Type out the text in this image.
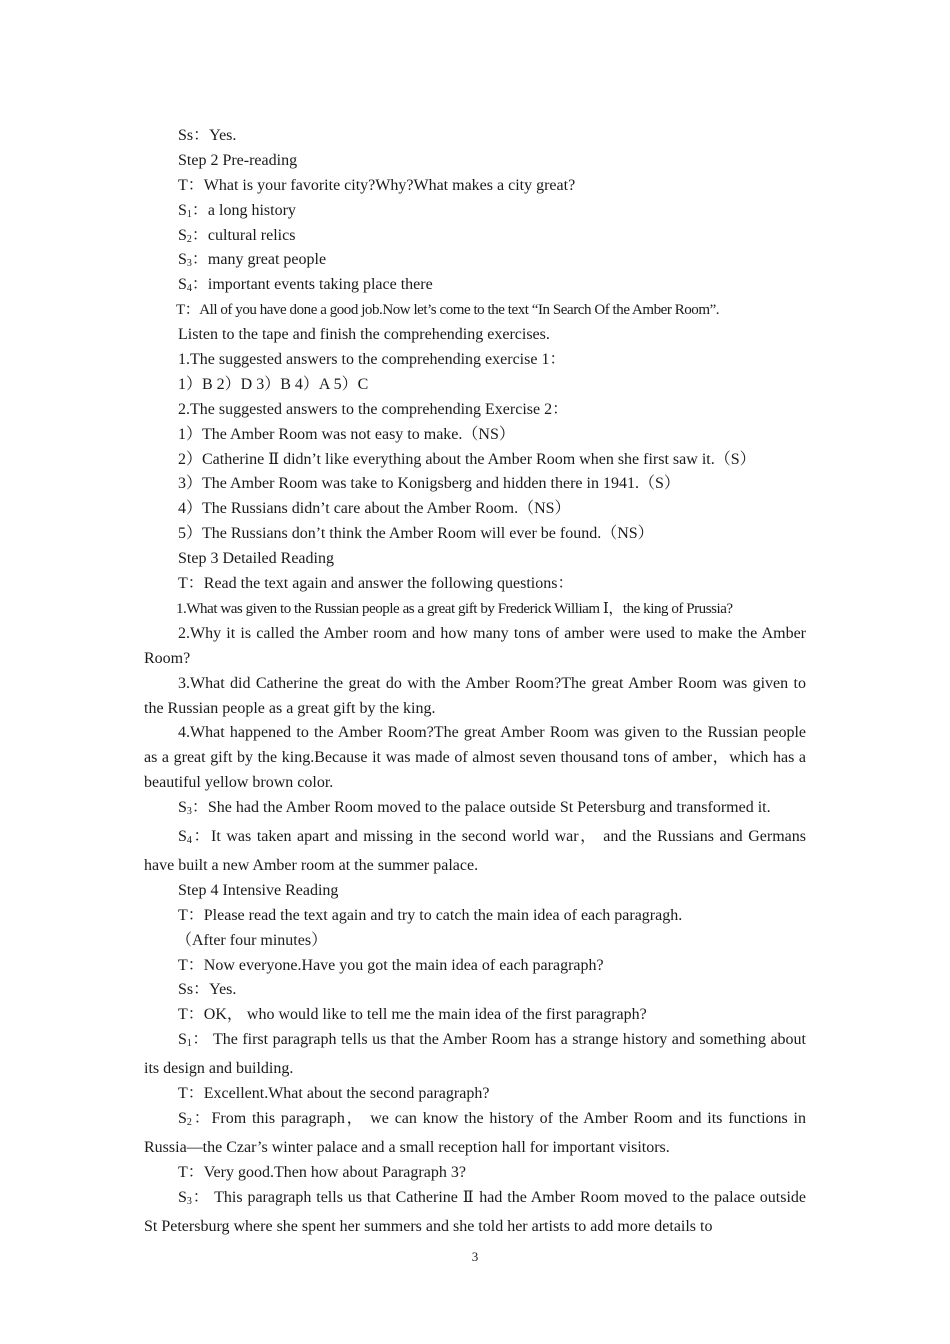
Ss：Yes.
Step 2 Pre-reading
T：What is your favorite city?Why?What makes a city great?
$S_1$：a long history
$S_2$：cultural relics
$S_3$：many great people
$S_4$：important events taking place there
T：All of you have done a good job.Now let’s come to the text “In Search Of the Amber Room”.
Listen to the tape and finish the comprehending exercises.
1.The suggested answers to the comprehending exercise 1：
1）B 2）D 3）B 4）A 5）C
2.The suggested answers to the comprehending Exercise 2：
1）The Amber Room was not easy to make.（NS）
2）Catherine Ⅱ didn’t like everything about the Amber Room when she first saw it.（S）
3）The Amber Room was take to Konigsberg and hidden there in 1941.（S）
4）The Russians didn’t care about the Amber Room.（NS）
5）The Russians don’t think the Amber Room will ever be found.（NS）
Step 3 Detailed Reading
T：Read the text again and answer the following questions：
1.What was given to the Russian people as a great gift by Frederick William Ⅰ，the king of Prussia?

2.Why it is called the Amber room and how many tons of amber were used to make the Amber Room?

3.What did Catherine the great do with the Amber Room?The great Amber Room was given to the Russian people as a great gift by the king.

4.What happened to the Amber Room?The great Amber Room was given to the Russian people as a great gift by the king.Because it was made of almost seven thousand tons of amber，which has a beautiful yellow brown color.

$S_3$：She had the Amber Room moved to the palace outside St Petersburg and transformed it.

$S_4$：It was taken apart and missing in the second world war， and the Russians and Germans have built a new Amber room at the summer palace.

Step 4 Intensive Reading
T：Please read the text again and try to catch the main idea of each paragragh.
（After four minutes）
T：Now everyone.Have you got the main idea of each paragraph?
Ss：Yes.
T：OK， who would like to tell me the main idea of the first paragraph?

$S_1$： The first paragraph tells us that the Amber Room has a strange history and something about its design and building.

T：Excellent.What about the second paragraph?

$S_2$：From this paragraph， we can know the history of the Amber Room and its functions in Russia—the Czar’s winter palace and a small reception hall for important visitors.

T：Very good.Then how about Paragraph 3?

$S_3$： This paragraph tells us that Catherine Ⅱ had the Amber Room moved to the palace outside St Petersburg where she spent her summers and she told her artists to add more details to

3
